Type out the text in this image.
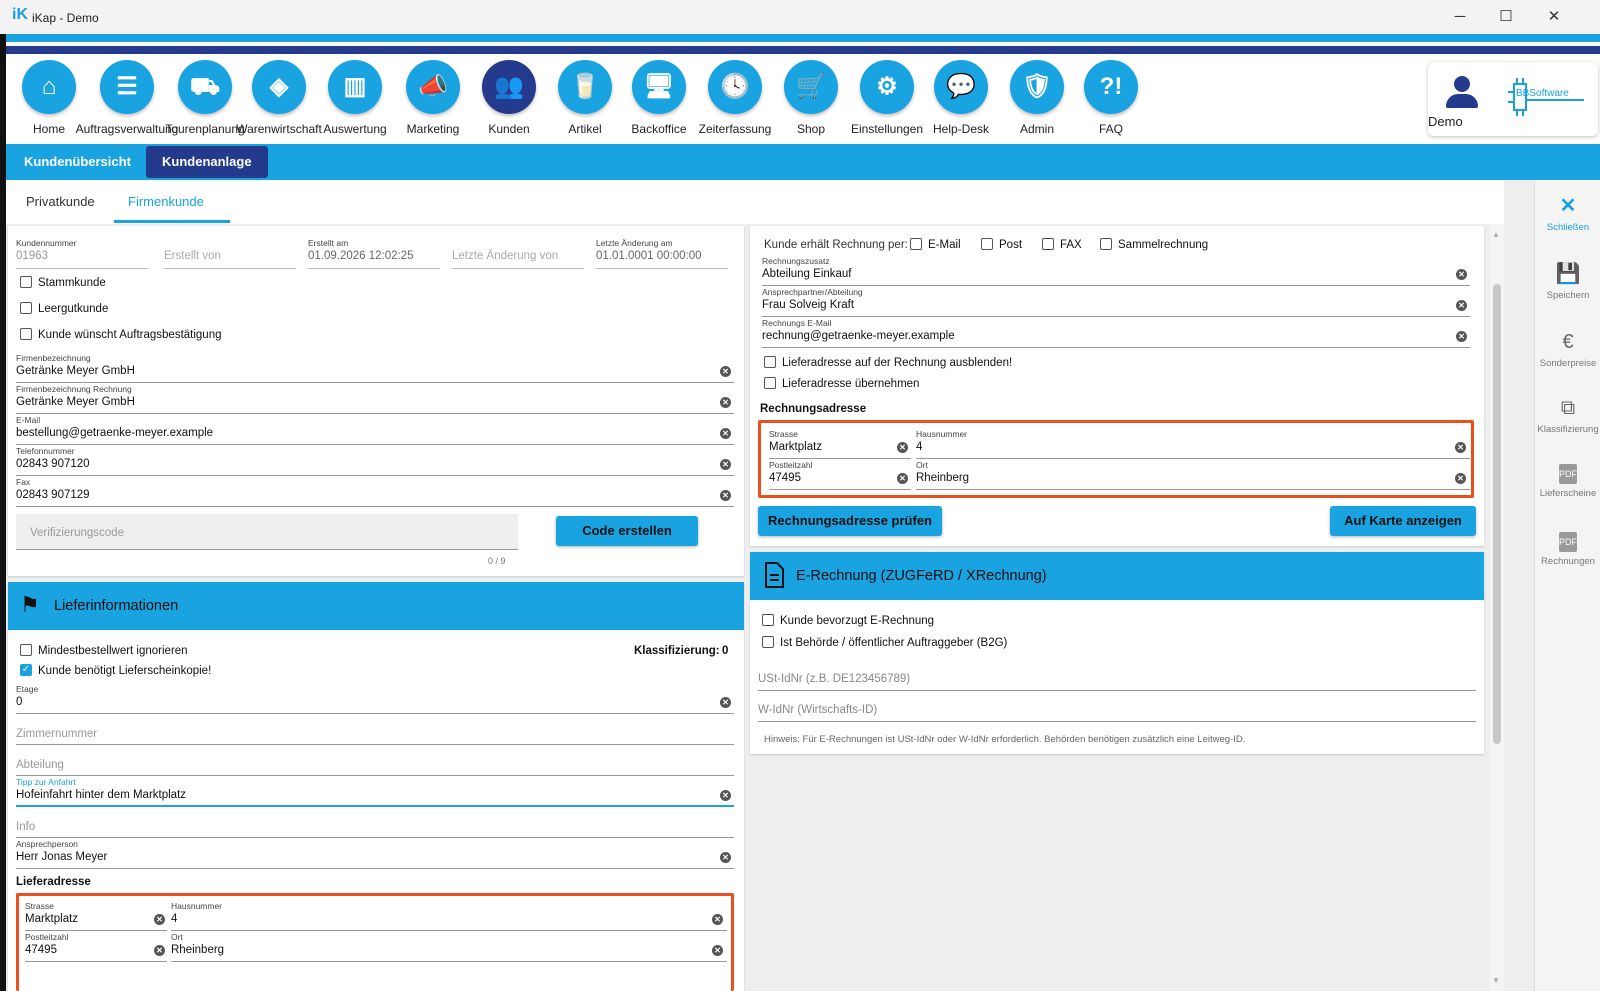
iK iKap - Demo	─	☐	✕
⌂
Home
☰
Auftragsverwaltung
⛟
Tourenplanung
◈
Warenwirtschaft
▥
Auswertung
📣
Marketing
👥
Kunden
🥛
Artikel
🖥
Backoffice
🕓
Zeiterfassung
🛒
Shop
⚙
Einstellungen
💬
Help-Desk
🛡
Admin
?!
FAQ	Demo
BBSoftware
Kundenübersicht	Kundenanlage
Privatkunde	Firmenkunde
Kundennummer
01963	Erstellt von
Erstellt am
01.09.2026 12:02:25	Letzte Änderung von
Letzte Änderung am
01.01.0001 00:00:00
Stammkunde
Leergutkunde
Kunde wünscht Auftragsbestätigung
Firmenbezeichnung
Getränke Meyer GmbH	✕
Firmenbezeichnung Rechnung
Getränke Meyer GmbH	✕
E-Mail
bestellung@getraenke-meyer.example	✕
Telefonnummer
02843 907120	✕
Fax
02843 907129	✕
Verifizierungscode
0 / 9
Code erstellen
⚑ Lieferinformationen
Mindestbestellwert ignorieren
✓ Kunde benötigt Lieferscheinkopie!
Klassifizierung: 0
Etage
0	✕
Zimmernummer
Abteilung
Tipp zur Anfahrt
Hofeinfahrt hinter dem Marktplatz	✕
Info
Ansprechperson
Herr Jonas Meyer	✕
Lieferadresse
Strasse
Marktplatz	✕
Hausnummer
4	✕
Postleitzahl
47495	✕
Ort
Rheinberg	✕
Kunde erhält Rechnung per: E-Mail	Post	FAX	Sammelrechnung
Rechnungszusatz
Abteilung Einkauf	✕
Ansprechpartner/Abteilung
Frau Solveig Kraft	✕
Rechnungs E-Mail
rechnung@getraenke-meyer.example	✕
Lieferadresse auf der Rechnung ausblenden!
Lieferadresse übernehmen
Rechnungsadresse
Strasse
Marktplatz	✕
Hausnummer
4	✕
Postleitzahl
47495	✕
Ort
Rheinberg	✕
Rechnungsadresse prüfen	Auf Karte anzeigen
E-Rechnung (ZUGFeRD / XRechnung)
Kunde bevorzugt E-Rechnung
Ist Behörde / öffentlicher Auftraggeber (B2G)
USt-IdNr (z.B. DE123456789)
W-IdNr (Wirtschafts-ID)
Hinweis: Für E-Rechnungen ist USt-IdNr oder W-IdNr erforderlich. Behörden benötigen zusätzlich eine Leitweg-ID.
▲
▼
✕
Schließen
💾
Speichern
€
Sonderpreise
⧉
Klassifizierung
PDF
Lieferscheine
PDF
Rechnungen
